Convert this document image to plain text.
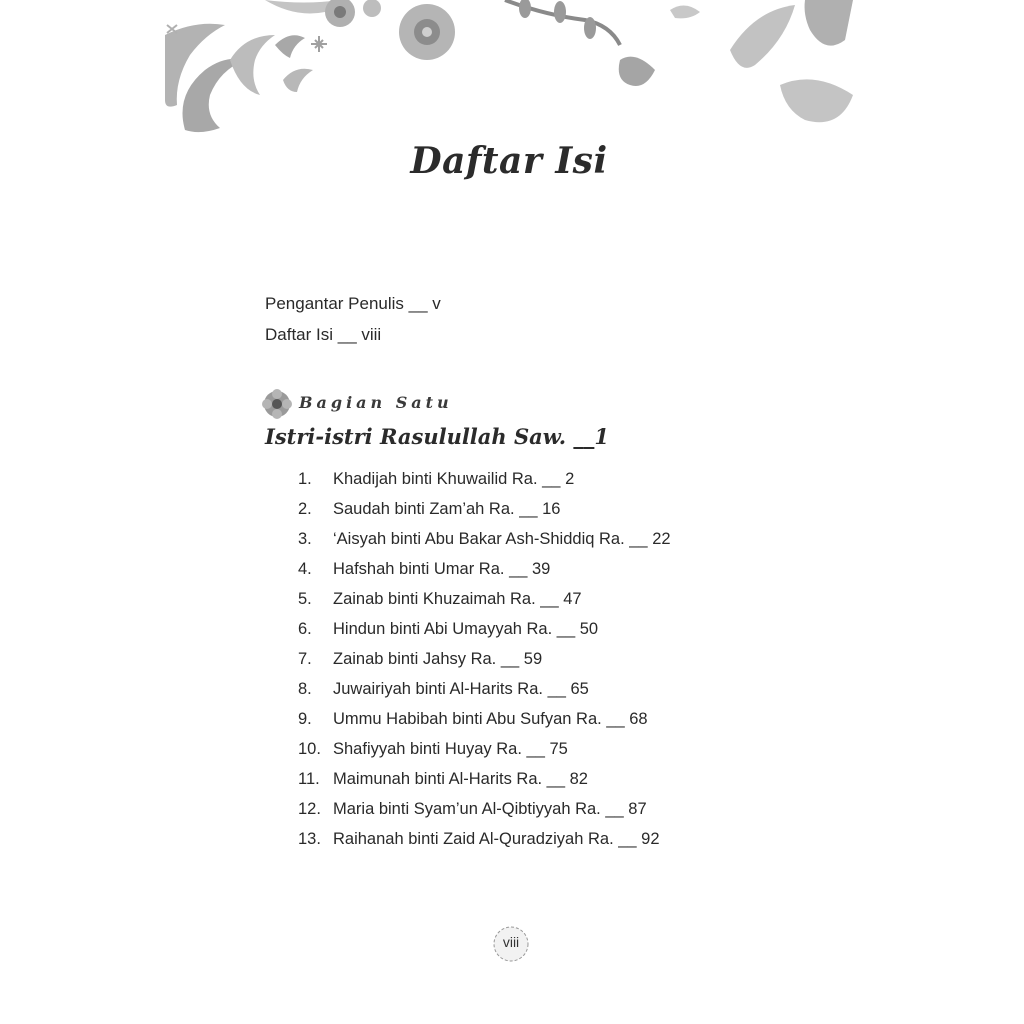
Daftar Isi
Pengantar Penulis __ v
Daftar Isi __ viii
Bagian Satu
Istri-istri Rasulullah Saw. __1
1. Khadijah binti Khuwailid Ra. __ 2
2. Saudah binti Zam’ah Ra. __ 16
3. ‘Aisyah binti Abu Bakar Ash-Shiddiq Ra. __ 22
4. Hafshah binti Umar Ra. __ 39
5. Zainab binti Khuzaimah Ra. __ 47
6. Hindun binti Abi Umayyah Ra. __ 50
7. Zainab binti Jahsy Ra. __ 59
8. Juwairiyah binti Al-Harits Ra. __ 65
9. Ummu Habibah binti Abu Sufyan Ra. __ 68
10. Shafiyyah binti Huyay Ra. __ 75
11. Maimunah binti Al-Harits Ra. __ 82
12. Maria binti Syam’un Al-Qibtiyyah Ra. __ 87
13. Raihanah binti Zaid Al-Quradziyah Ra. __ 92
viii
